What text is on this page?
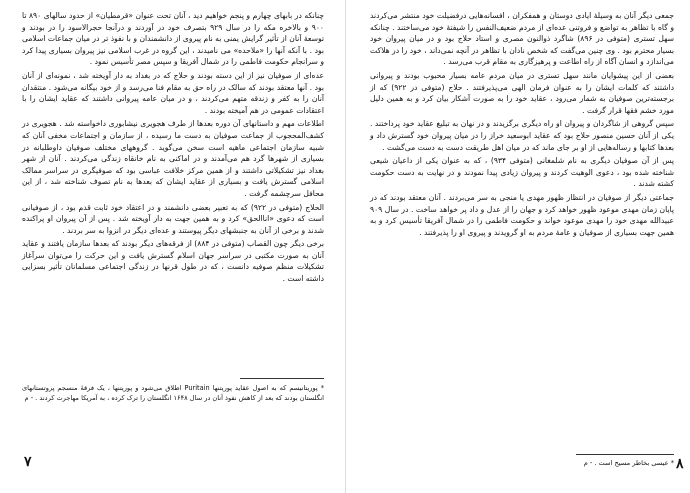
چنانکه در بابهای چهارم و پنجم خواهیم دید ، آنان تحت عنوان «قرمطیان» از حدود سالهای ۸۹۰ تا ۹۰۰ و بالاخره مکه را در سال ۹۲۹ بتصرف خود در آوردند و درآنجا حجرالاسود را در بودند و توسعهٔ آنان از تأثیر گرایش یمنی به نام پیروی از دانشمندان و با نفوذ تر در میان جماعات اسلامی بود . با آنکه آنها را «ملاحده» می نامیدند ، این گروه در غرب اسلامی نیز پیروان بسیاری پیدا کرد و سرانجام حکومت فاطمی را در شمال آفریقا و سپس مصر تأسیس نمود .

عده‌ای از صوفیان نیز از این دسته بودند و حلاج که در بغداد به دار آویخته شد ، نمونه‌ای از آنان بود . آنها معتقد بودند که سالک در راه حق به مقام فنا می‌رسد و از خود بیگانه می‌شود . منتقدان آنان را به کفر و زندقه متهم می‌کردند ، و در میان عامه پیروانی داشتند که عقاید ایشان را با اعتقادات عمومی در هم آمیخته بودند .

اطلاعات مهم و داستانهای آن دوره بعدها از طرف هجویری نیشابوری داخواسته شد . هجویری در کشف‌المحجوب از جماعت صوفیان به دست ما رسیده ، از سازمان و اجتماعات مخفی آنان که شبیه سازمان اجتماعی ماهیه است سخن می‌گوید . گروههای مختلف صوفیان داوطلبانه در بسیاری از شهرها گرد هم می‌آمدند و در اماکنی به نام خانقاه زندگی می‌کردند . آنان از شهر بغداد نیز تشکیلاتی داشتند و از همین مرکز خلافت عباسی بود که صوفیگری در سراسر ممالک اسلامی گسترش یافت و بسیاری از عقاید ایشان که بعدها به نام تصوف شناخته شد ، از این محافل سرچشمه گرفت .

الحلاج (متوفی در ۹۲۲) که به تعبیر بعضی دانشمند و در اعتقاد خود ثابت قدم بود ، از صوفیانی است که دعوی «اناالحق» کرد و به همین جهت به دار آویخته شد . پس از آن پیروان او پراکنده شدند و برخی از آنان به جنبشهای دیگر پیوستند و عده‌ای دیگر در انزوا به سر بردند .

برخی دیگر چون القصاب (متوفی در ۸۸۴) از فرقه‌های دیگر بودند که بعدها سازمان یافتند و عقاید آنان به صورت مکتبی در سراسر جهان اسلام گسترش یافت و این حرکت را می‌توان سرآغاز تشکیلات منظم صوفیه دانست ، که در طول قرنها در زندگی اجتماعی مسلمانان تأثیر بسزایی داشته است .

* پوریتانیسم که به اصول عقاید پوریتنها Puritain اطلاق می‌شود و پوریتنها ، یک فرقهٔ منسجم پروتستانهای انگلستان بودند که بعد از کاهش نفوذ آنان در سال ۱۶۴۸ انگلستان را ترک کرده ، به آمریکا مهاجرت کردند . - م
۷

جمعی دیگر آنان به وسیلهٔ ایادی دوستان و همفکران ، افسانه‌هایی درفضیلت خود منتشر می‌کردند و گاه با تظاهر به تواضع و فروتنی عده‌ای از مردم ضعیف‌النفس را شیفتهٔ خود می‌ساختند . چنانکه سهل تستری (متوفی در ۸۹۶) شاگرد ذوالنون مصری و استاد حلاج بود و در میان پیروان خود بسیار محترم بود . وی چنین می‌گفت که شخص نادان با تظاهر در آنچه نمی‌داند ، خود را در هلاکت می‌اندازد و انسان آگاه از راه اطاعت و پرهیزگاری به مقام قرب می‌رسد .

بعضی از این پیشوایان مانند سهل تستری در میان مردم عامه بسیار محبوب بودند و پیروانی داشتند که کلمات ایشان را به عنوان فرمان الهی می‌پذیرفتند . حلاج (متوفی در ۹۲۲) که از برجسته‌ترین صوفیان به شمار می‌رود ، عقاید خود را به صورت آشکار بیان کرد و به همین دلیل مورد خشم فقها قرار گرفت .

سپس گروهی از شاگردان و پیروان او راه دیگری برگزیدند و در نهان به تبلیغ عقاید خود پرداختند . یکی از آنان حسین منصور حلاج بود که عقاید ابوسعید خراز را در میان پیروان خود گسترش داد و بعدها کتابها و رساله‌هایی از او بر جای ماند که در میان اهل طریقت دست به دست می‌گشت .

پس از آن صوفیان دیگری به نام شلمغانی (متوفی ۹۳۴) ، که به عنوان یکی از داعیان شیعی شناخته شده بود ، دعوی الوهیت کردند و پیروان زیادی پیدا نمودند و در نهایت به دست حکومت کشته شدند .

جماعتی دیگر از صوفیان در انتظار ظهور مهدی یا منجی به سر می‌بردند . آنان معتقد بودند که در پایان زمان مهدی موعود ظهور خواهد کرد و جهان را از عدل و داد پر خواهد ساخت . در سال ۹۰۹ عبیدالله مهدی خود را مهدی موعود خواند و حکومت فاطمی را در شمال آفریقا تأسیس کرد و به همین جهت بسیاری از صوفیان و عامهٔ مردم به او گرویدند و پیروی او را پذیرفتند .

* عیسی بخاطر مسیح است . - م ۸
